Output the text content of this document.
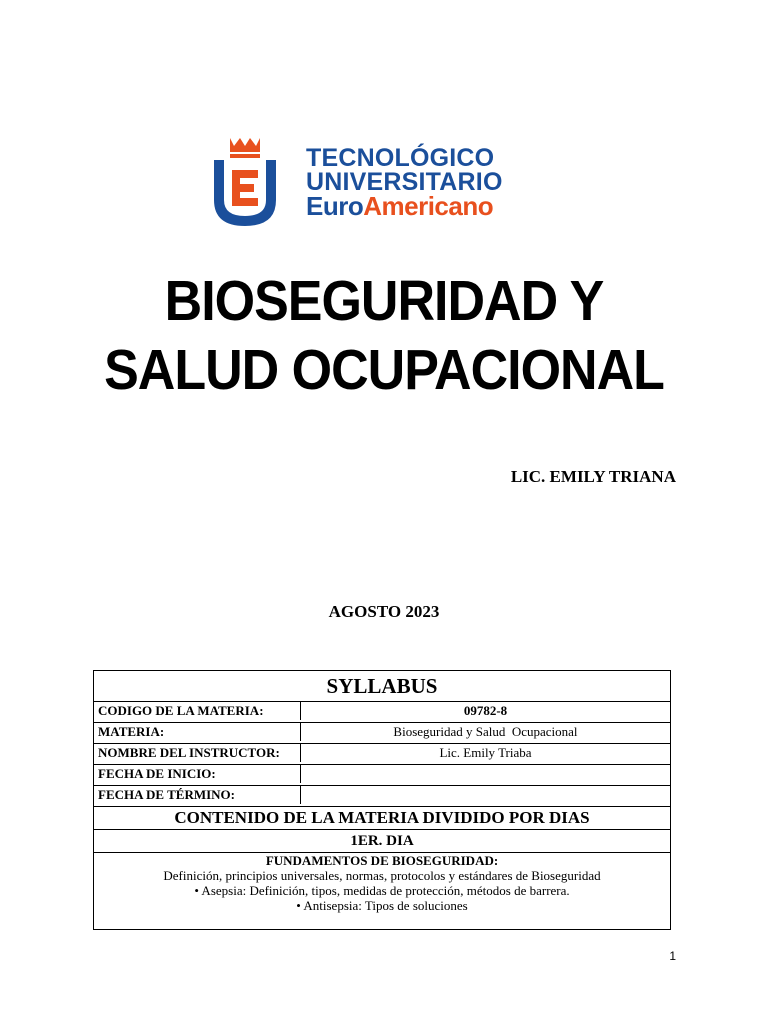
TECNOLÓGICO
UNIVERSITARIO
EuroAmericano
BIOSEGURIDAD Y
SALUD OCUPACIONAL
LIC. EMILY TRIANA
AGOSTO 2023
SYLLABUS
CODIGO DE LA MATERIA:	09782-8
MATERIA:	Bioseguridad y Salud  Ocupacional
NOMBRE DEL INSTRUCTOR:	Lic. Emily Triaba
FECHA DE INICIO:
FECHA DE TÉRMINO:
CONTENIDO DE LA MATERIA DIVIDIDO POR DIAS
1ER. DIA
FUNDAMENTOS DE BIOSEGURIDAD:
Definición, principios universales, normas, protocolos y estándares de Bioseguridad
• Asepsia: Definición, tipos, medidas de protección, métodos de barrera.
• Antisepsia: Tipos de soluciones
1
